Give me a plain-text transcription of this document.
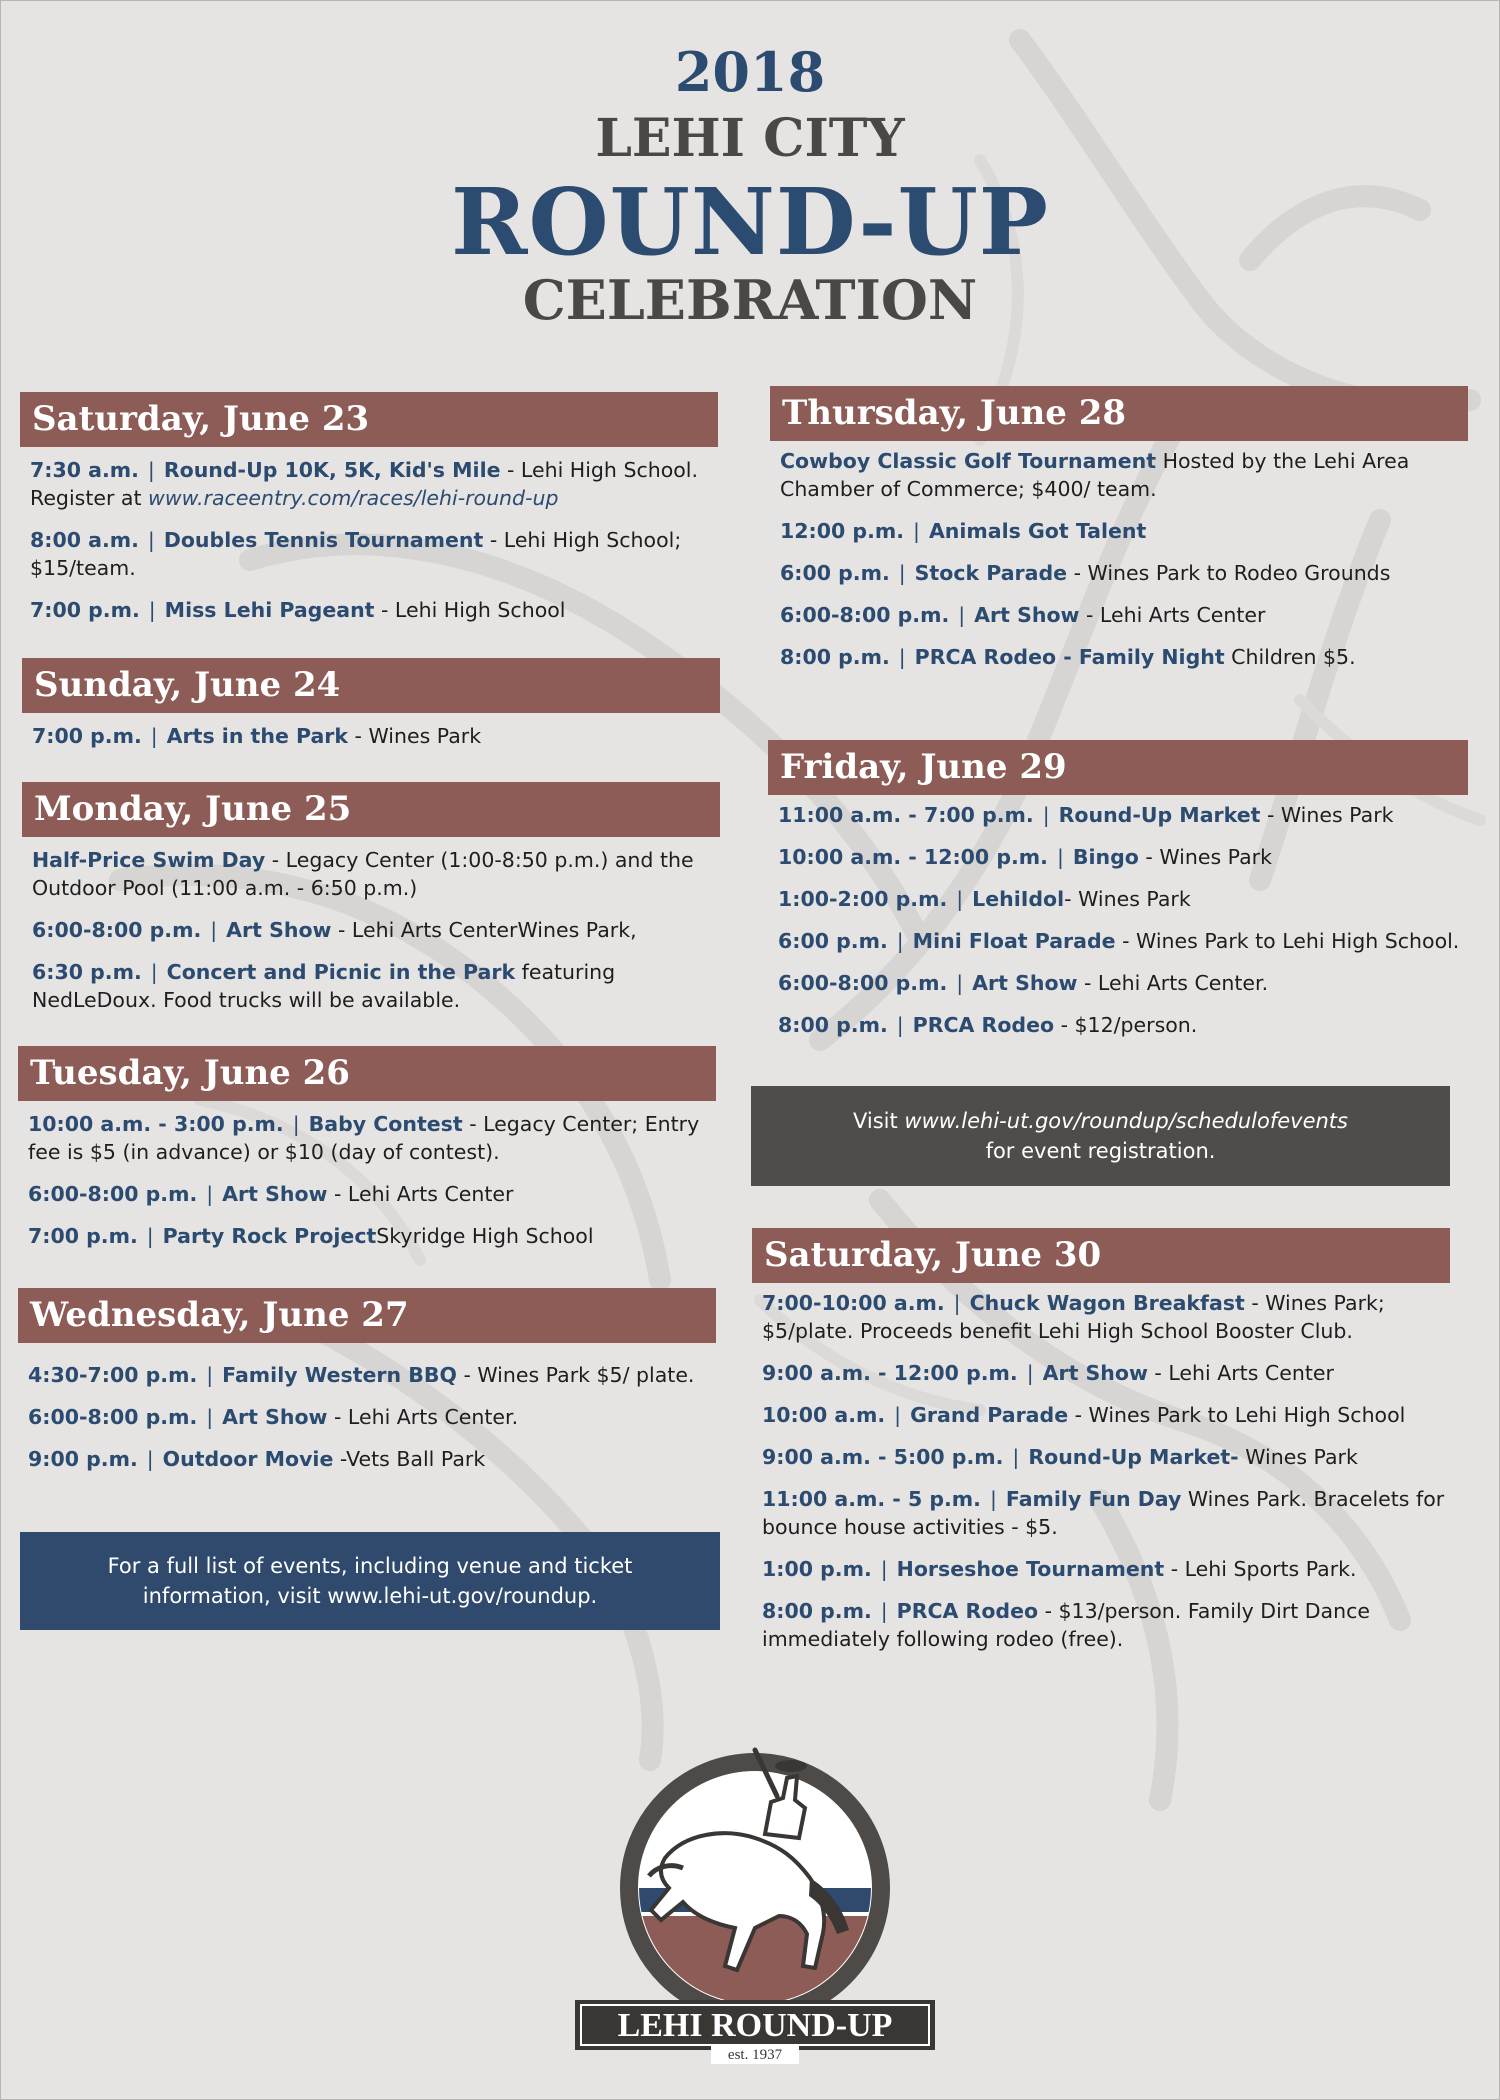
2018
LEHI CITY
ROUND-UP
CELEBRATION
Saturday, June 23
7:30 a.m. | Round-Up 10K, 5K, Kid's Mile - Lehi High School. Register at www.raceentry.com/races/lehi-round-up
8:00 a.m. | Doubles Tennis Tournament - Lehi High School; $15/team.
7:00 p.m. | Miss Lehi Pageant - Lehi High School
Sunday, June 24
7:00 p.m. | Arts in the Park - Wines Park
Monday, June 25
Half-Price Swim Day - Legacy Center (1:00-8:50 p.m.) and the Outdoor Pool (11:00 a.m. - 6:50 p.m.)
6:00-8:00 p.m. | Art Show - Lehi Arts CenterWines Park,
6:30 p.m. | Concert and Picnic in the Park featuring NedLeDoux. Food trucks will be available.
Tuesday, June 26
10:00 a.m. - 3:00 p.m. | Baby Contest - Legacy Center; Entry fee is $5 (in advance) or $10 (day of contest).
6:00-8:00 p.m. | Art Show - Lehi Arts Center
7:00 p.m. | Party Rock ProjectSkyridge High School
Wednesday, June 27
4:30-7:00 p.m. | Family Western BBQ - Wines Park $5/ plate.
6:00-8:00 p.m. | Art Show - Lehi Arts Center.
9:00 p.m. | Outdoor Movie -Vets Ball Park
For a full list of events, including venue and ticket
information, visit www.lehi-ut.gov/roundup.
Thursday, June 28
Cowboy Classic Golf Tournament Hosted by the Lehi Area Chamber of Commerce; $400/ team.
12:00 p.m. | Animals Got Talent
6:00 p.m. | Stock Parade - Wines Park to Rodeo Grounds
6:00-8:00 p.m. | Art Show - Lehi Arts Center
8:00 p.m. | PRCA Rodeo - Family Night Children $5.
Friday, June 29
11:00 a.m. - 7:00 p.m. | Round-Up Market - Wines Park
10:00 a.m. - 12:00 p.m. | Bingo - Wines Park
1:00-2:00 p.m. | LehiIdol- Wines Park
6:00 p.m. | Mini Float Parade - Wines Park to Lehi High School.
6:00-8:00 p.m. | Art Show - Lehi Arts Center.
8:00 p.m. | PRCA Rodeo - $12/person.
Visit www.lehi-ut.gov/roundup/schedulofevents
for event registration.
Saturday, June 30
7:00-10:00 a.m. | Chuck Wagon Breakfast - Wines Park; $5/plate. Proceeds benefit Lehi High School Booster Club.
9:00 a.m. - 12:00 p.m. | Art Show - Lehi Arts Center
10:00 a.m. | Grand Parade - Wines Park to Lehi High School
9:00 a.m. - 5:00 p.m. | Round-Up Market- Wines Park
11:00 a.m. - 5 p.m. | Family Fun Day Wines Park. Bracelets for bounce house activities - $5.
1:00 p.m. | Horseshoe Tournament - Lehi Sports Park.
8:00 p.m. | PRCA Rodeo - $13/person. Family Dirt Dance immediately following rodeo (free).
LEHI ROUND-UP
est. 1937
